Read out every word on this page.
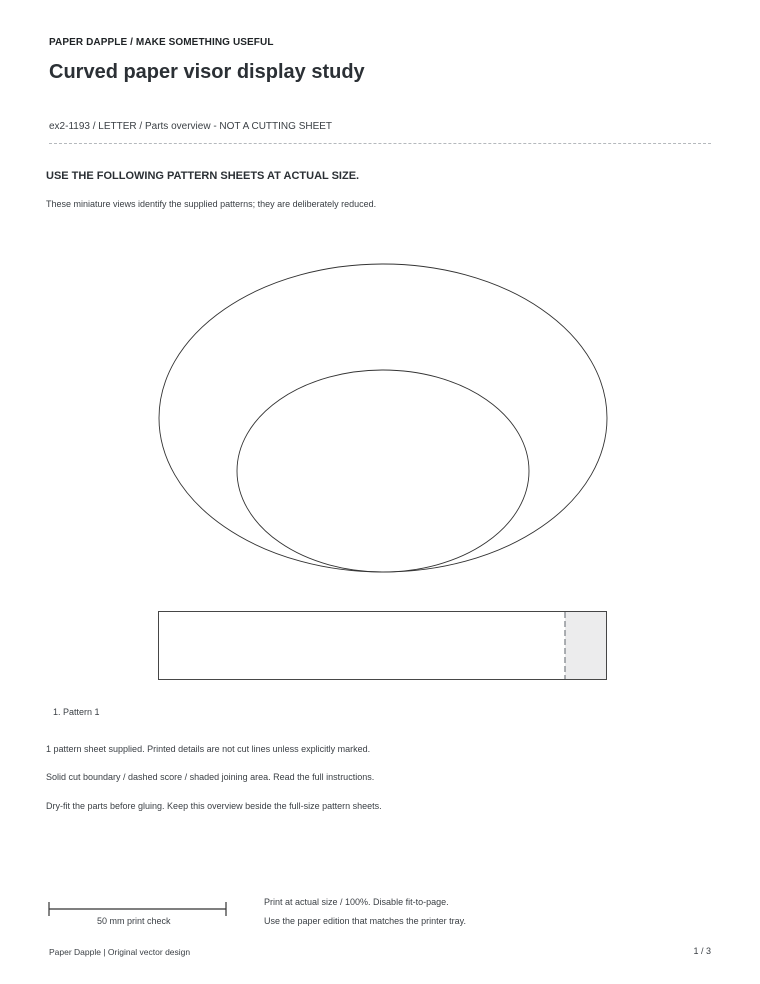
PAPER DAPPLE / MAKE SOMETHING USEFUL
Curved paper visor display study
ex2-1193 / LETTER / Parts overview - NOT A CUTTING SHEET
USE THE FOLLOWING PATTERN SHEETS AT ACTUAL SIZE.
These miniature views identify the supplied patterns; they are deliberately reduced.
1. Pattern 1
1 pattern sheet supplied. Printed details are not cut lines unless explicitly marked.
Solid cut boundary / dashed score / shaded joining area. Read the full instructions.
Dry-fit the parts before gluing. Keep this overview beside the full-size pattern sheets.
50 mm print check
Print at actual size / 100%. Disable fit-to-page.
Use the paper edition that matches the printer tray.
Paper Dapple | Original vector design	1 / 3
